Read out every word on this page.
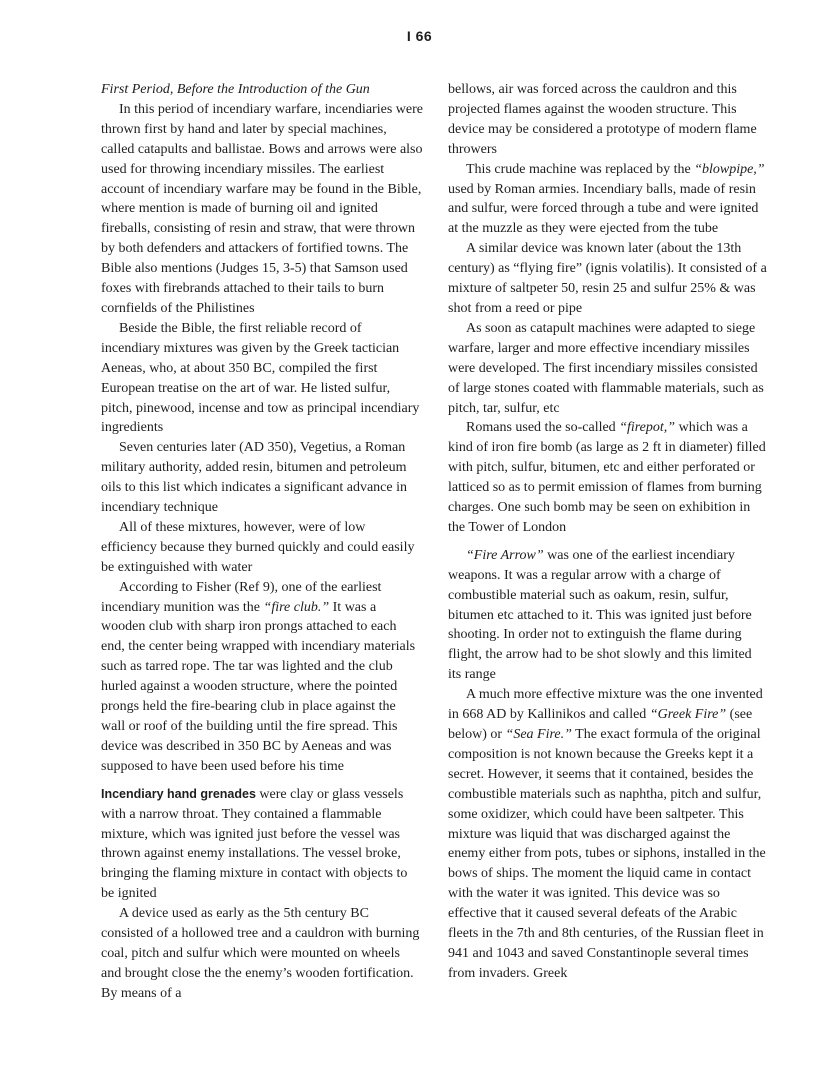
I 66

First Period, Before the Introduction of the Gun

In this period of incendiary warfare, incendiaries were thrown first by hand and later by special machines, called catapults and ballistae. Bows and arrows were also used for throwing incendiary missiles. The earliest account of incendiary warfare may be found in the Bible, where mention is made of burning oil and ignited fireballs, consisting of resin and straw, that were thrown by both defenders and attackers of fortified towns. The Bible also mentions (Judges 15, 3-5) that Samson used foxes with firebrands attached to their tails to burn cornfields of the Philistines

Beside the Bible, the first reliable record of incendiary mixtures was given by the Greek tactician Aeneas, who, at about 350 BC, compiled the first European treatise on the art of war. He listed sulfur, pitch, pinewood, incense and tow as principal incendiary ingredients

Seven centuries later (AD 350), Vegetius, a Roman military authority, added resin, bitumen and petroleum oils to this list which indicates a significant advance in incendiary technique

All of these mixtures, however, were of low efficiency because they burned quickly and could easily be extinguished with water

According to Fisher (Ref 9), one of the earliest incendiary munition was the “fire club.” It was a wooden club with sharp iron prongs attached to each end, the center being wrapped with incendiary materials such as tarred rope. The tar was lighted and the club hurled against a wooden structure, where the pointed prongs held the fire-bearing club in place against the wall or roof of the building until the fire spread. This device was described in 350 BC by Aeneas and was supposed to have been used before his time

Incendiary hand grenades were clay or glass vessels with a narrow throat. They contained a flammable mixture, which was ignited just before the vessel was thrown against enemy installations. The vessel broke, bringing the flaming mixture in contact with objects to be ignited

A device used as early as the 5th century BC consisted of a hollowed tree and a cauldron with burning coal, pitch and sulfur which were mounted on wheels and brought close the the enemy’s wooden fortification. By means of a

bellows, air was forced across the cauldron and this projected flames against the wooden structure. This device may be considered a prototype of modern flame throwers

This crude machine was replaced by the “blowpipe,” used by Roman armies. Incendiary balls, made of resin and sulfur, were forced through a tube and were ignited at the muzzle as they were ejected from the tube

A similar device was known later (about the 13th century) as “flying fire” (ignis volatilis). It consisted of a mixture of saltpeter 50, resin 25 and sulfur 25% & was shot from a reed or pipe

As soon as catapult machines were adapted to siege warfare, larger and more effective incendiary missiles were developed. The first incendiary missiles consisted of large stones coated with flammable materials, such as pitch, tar, sulfur, etc

Romans used the so-called “firepot,” which was a kind of iron fire bomb (as large as 2 ft in diameter) filled with pitch, sulfur, bitumen, etc and either perforated or latticed so as to permit emission of flames from burning charges. One such bomb may be seen on exhibition in the Tower of London

“Fire Arrow” was one of the earliest incendiary weapons. It was a regular arrow with a charge of combustible material such as oakum, resin, sulfur, bitumen etc attached to it. This was ignited just before shooting. In order not to extinguish the flame during flight, the arrow had to be shot slowly and this limited its range

A much more effective mixture was the one invented in 668 AD by Kallinikos and called “Greek Fire” (see below) or “Sea Fire.” The exact formula of the original composition is not known because the Greeks kept it a secret. However, it seems that it contained, besides the combustible materials such as naphtha, pitch and sulfur, some oxidizer, which could have been saltpeter. This mixture was liquid that was discharged against the enemy either from pots, tubes or siphons, installed in the bows of ships. The moment the liquid came in contact with the water it was ignited. This device was so effective that it caused several defeats of the Arabic fleets in the 7th and 8th centuries, of the Russian fleet in 941 and 1043 and saved Constantinople several times from invaders. Greek
